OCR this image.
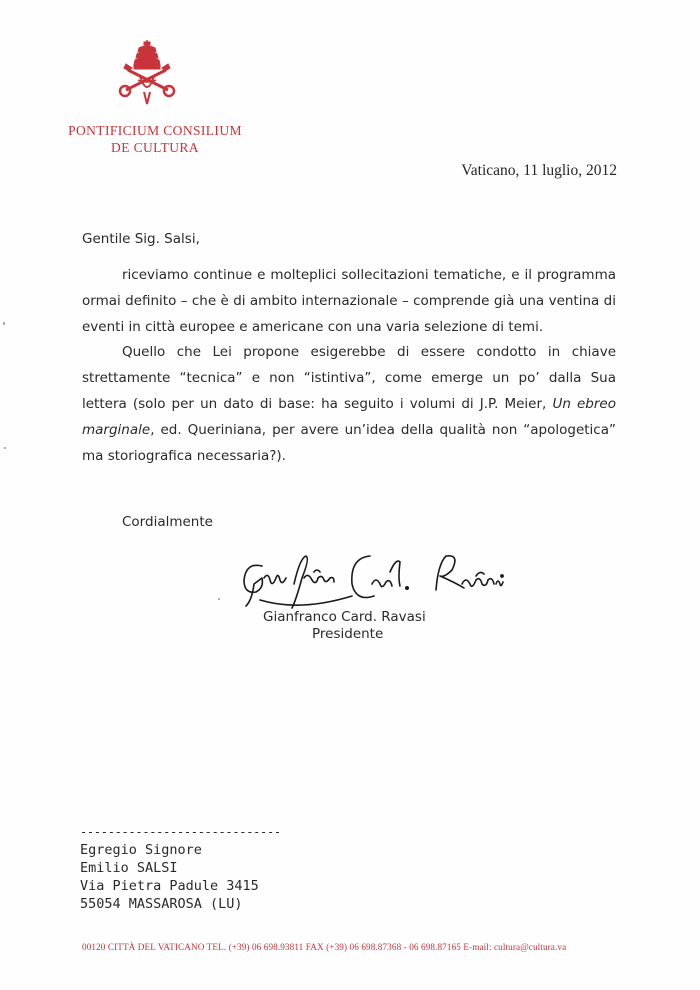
PONTIFICIUM CONSILIUM
DE CULTURA
Vaticano, 11 luglio, 2012
Gentile Sig. Salsi,

riceviamo continue e molteplici sollecitazioni tematiche, e il programma ormai definito – che è di ambito internazionale – comprende già una ventina di eventi in città europee e americane con una varia selezione di temi.

Quello che Lei propone esigerebbe di essere condotto in chiave strettamente “tecnica” e non “istintiva”, come emerge un po’ dalla Sua lettera (solo per un dato di base: ha seguito i volumi di J.P. Meier, Un ebreo marginale, ed. Queriniana, per avere un’idea della qualità non “apologetica” ma storiografica necessaria?).

Cordialmente
Gianfranco Card. Ravasi
Presidente
-----------------------------
Egregio Signore
Emilio SALSI
Via Pietra Padule 3415
55054 MASSAROSA (LU)
00120 CITTÀ DEL VATICANO TEL. (+39) 06 698.93811 FAX (+39) 06 698.87368 - 06 698.87165 E-mail: cultura@cultura.va
